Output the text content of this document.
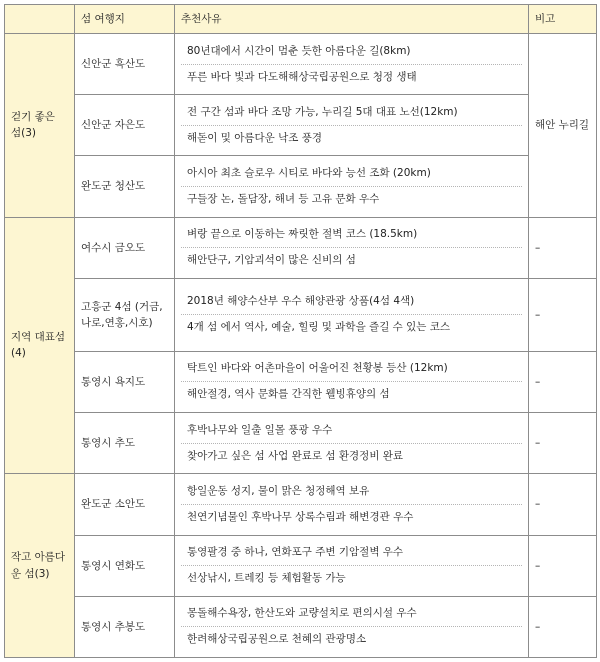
	섬 여행지	추천사유	비고
걷기 좋은 섬(3)	신안군 흑산도	80년대에서 시간이 멈춘 듯한 아름다운 길(8km)
푸른 바다 빛과 다도해해상국립공원으로 청정 생태	해안 누리길
	신안군 자은도	전 구간 섬과 바다 조망 가능, 누리길 5대 대표 노선(12km)
해돋이 및 아름다운 낙조 풍경	

	완도군 청산도	아시아 최초 슬로우 시티로 바다와 능선 조화 (20km)
구들장 논, 돌담장, 해녀 등 고유 문화 우수	

지역 대표섬 (4)	여수시 금오도	벼랑 끝으로 이동하는 짜릿한 절벽 코스 (18.5km)
해안단구, 기암괴석이 많은 신비의 섬	–
	고흥군 4섬 (거금,나로,연홍,시호)	2018년 해양수산부 우수 해양관광 상품(4섬 4색)
4개 섬 에서 역사, 예술, 힐링 및 과학을 즐길 수 있는 코스	–
	통영시 욕지도	탁트인 바다와 어촌마을이 어울어진 천황봉 등산 (12km)
해안절경, 역사 문화를 간직한 웰빙휴양의 섬	–
	통영시 추도	후박나무와 일출 일몰 풍광 우수
찾아가고 싶은 섬 사업 완료로 섬 환경정비 완료	–
작고 아름다운 섬(3)	완도군 소안도	항일운동 성지, 물이 맑은 청정해역 보유
천연기념물인 후박나무 상록수림과 해변경관 우수	–
	통영시 연화도	통영팔경 중 하나, 연화포구 주변 기암절벽 우수
선상낚시, 트레킹 등 체험활동 가능	–
	통영시 추봉도	몽돌해수욕장, 한산도와 교량설치로 편의시설 우수
한려해상국립공원으로 천혜의 관광명소	–
